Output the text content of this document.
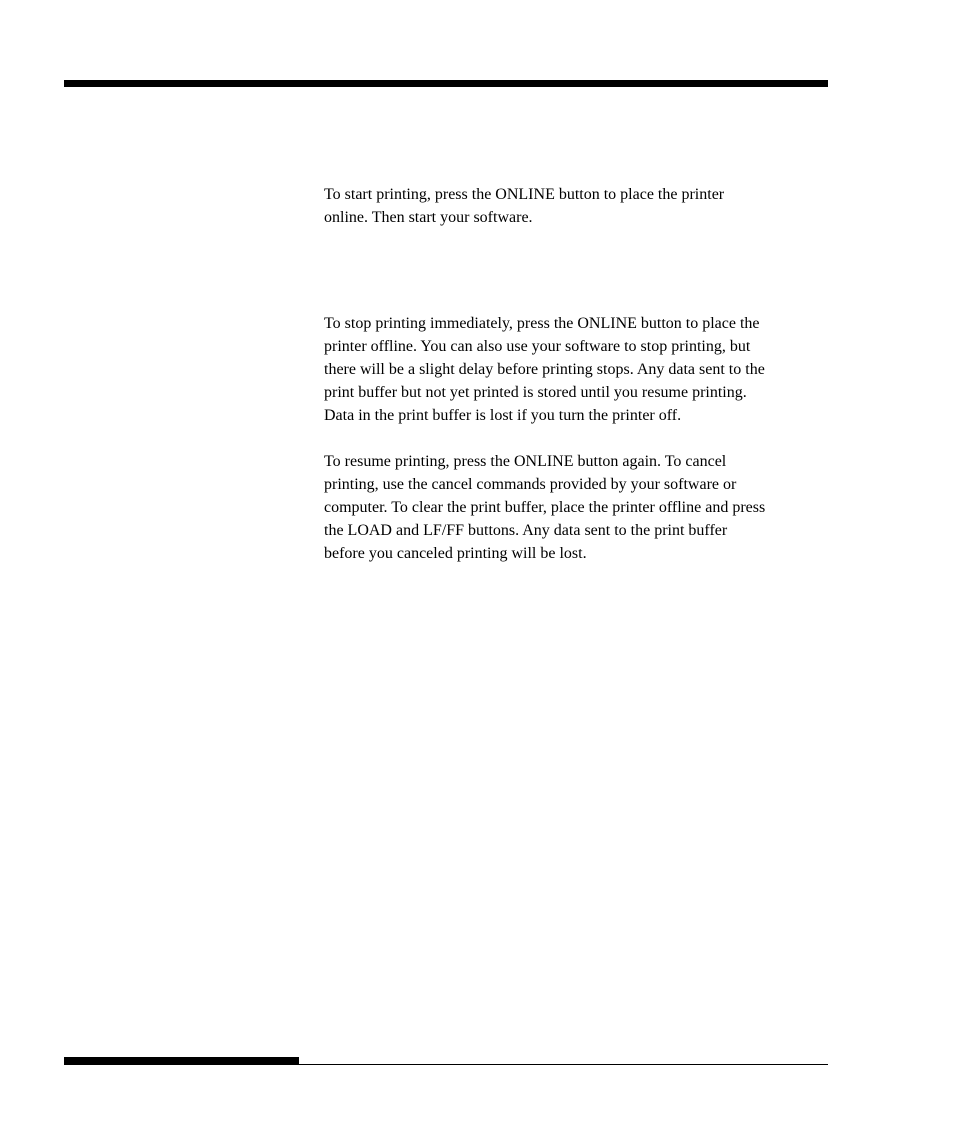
To start printing, press the ONLINE button to place the printer
online. Then start your software.

To stop printing immediately, press the ONLINE button to place the
printer offline. You can also use your software to stop printing, but
there will be a slight delay before printing stops. Any data sent to the
print buffer but not yet printed is stored until you resume printing.
Data in the print buffer is lost if you turn the printer off.

To resume printing, press the ONLINE button again. To cancel
printing, use the cancel commands provided by your software or
computer. To clear the print buffer, place the printer offline and press
the LOAD and LF/FF buttons. Any data sent to the print buffer
before you canceled printing will be lost.
